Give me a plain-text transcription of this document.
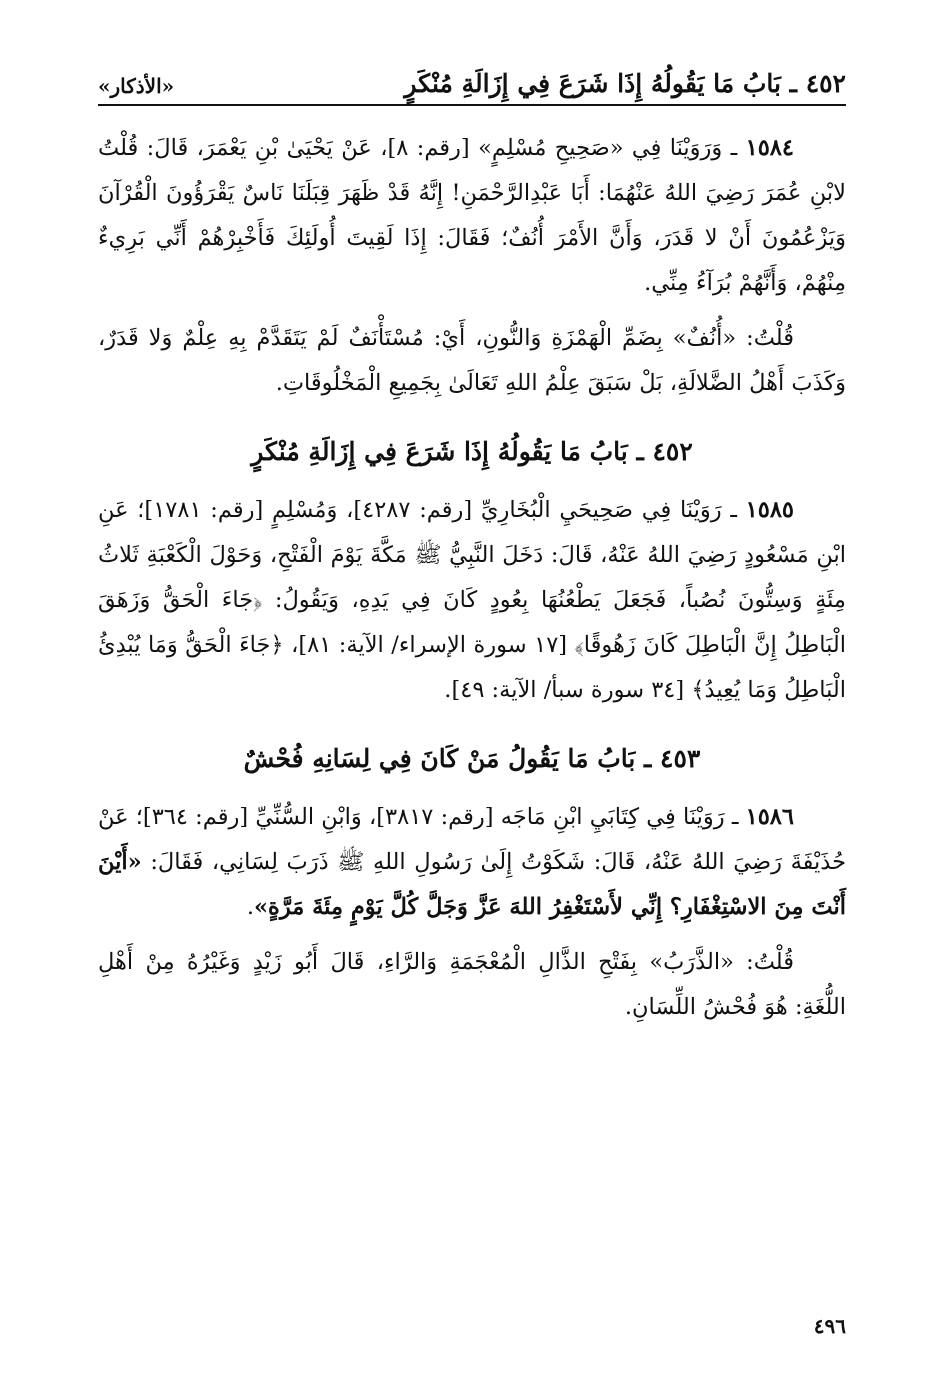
٤٥٢ ـ بَابُ مَا يَقُولُهُ إِذَا شَرَعَ فِي إِزَالَةِ مُنْكَرٍ
«الأذكار»

١٥٨٤ ـ وَرَوَيْنَا فِي «صَحِيحِ مُسْلِمٍ» [رقم: ٨]، عَنْ يَحْيَىٰ بْنِ يَعْمَرَ، قَالَ: قُلْتُ لابْنِ عُمَرَ رَضِيَ اللهُ عَنْهُمَا: أَبَا عَبْدِالرَّحْمَنِ! إِنَّهُ قَدْ ظَهَرَ قِبَلَنَا نَاسٌ يَقْرَؤُونَ الْقُرْآنَ وَيَزْعُمُونَ أَنْ لا قَدَرَ، وَأَنَّ الأَمْرَ أُنُفٌ؛ فَقَالَ: إِذَا لَقِيتَ أُولَئِكَ فَأَخْبِرْهُمْ أَنِّي بَرِيءٌ مِنْهُمْ، وَأَنَّهُمْ بُرَآءُ مِنِّي.

قُلْتُ: «أُنُفٌ» بِضَمِّ الْهَمْزَةِ وَالنُّونِ، أَيْ: مُسْتَأْنَفٌ لَمْ يَتَقَدَّمْ بِهِ عِلْمٌ وَلا قَدَرٌ، وَكَذَبَ أَهْلُ الضَّلالَةِ، بَلْ سَبَقَ عِلْمُ اللهِ تَعَالَىٰ بِجَمِيعِ الْمَخْلُوقَاتِ.

٤٥٢ ـ بَابُ مَا يَقُولُهُ إِذَا شَرَعَ فِي إِزَالَةِ مُنْكَرٍ

١٥٨٥ ـ رَوَيْنَا فِي صَحِيحَيِ الْبُخَارِيِّ [رقم: ٤٢٨٧]، وَمُسْلِمٍ [رقم: ١٧٨١]؛ عَنِ ابْنِ مَسْعُودٍ رَضِيَ اللهُ عَنْهُ، قَالَ: دَخَلَ النَّبِيُّ ﷺ مَكَّةَ يَوْمَ الْفَتْحِ، وَحَوْلَ الْكَعْبَةِ ثَلاثُ مِئَةٍ وَسِتُّونَ نُصُباً، فَجَعَلَ يَطْعُنُهَا بِعُودٍ كَانَ فِي يَدِهِ، وَيَقُولُ: ﴿جَاءَ الْحَقُّ وَزَهَقَ الْبَاطِلُ إِنَّ الْبَاطِلَ كَانَ زَهُوقًا﴾ [١٧ سورة الإسراء/ الآية: ٨١]، ﴿جَاءَ الْحَقُّ وَمَا يُبْدِئُ الْبَاطِلُ وَمَا يُعِيدُ﴾ [٣٤ سورة سبأ/ الآية: ٤٩].

٤٥٣ ـ بَابُ مَا يَقُولُ مَنْ كَانَ فِي لِسَانِهِ فُحْشٌ

١٥٨٦ ـ رَوَيْنَا فِي كِتَابَيِ ابْنِ مَاجَه [رقم: ٣٨١٧]، وَابْنِ السُّنِّيِّ [رقم: ٣٦٤]؛ عَنْ حُذَيْفَةَ رَضِيَ اللهُ عَنْهُ، قَالَ: شَكَوْتُ إِلَىٰ رَسُولِ اللهِ ﷺ ذَرَبَ لِسَانِي، فَقَالَ: «أَيْنَ أَنْتَ مِنَ الاسْتِغْفَارِ؟ إِنِّي لأَسْتَغْفِرُ اللهَ عَزَّ وَجَلَّ كُلَّ يَوْمٍ مِئَةَ مَرَّةٍ».

قُلْتُ: «الذَّرَبُ» بِفَتْحِ الذَّالِ الْمُعْجَمَةِ وَالرَّاءِ، قَالَ أَبُو زَيْدٍ وَغَيْرُهُ مِنْ أَهْلِ اللُّغَةِ: هُوَ فُحْشُ اللِّسَانِ.

٤٩٦
